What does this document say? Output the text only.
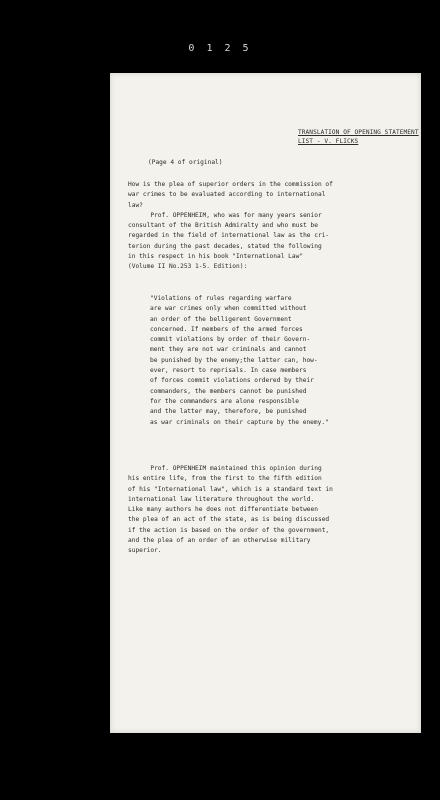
0 1 2 5
TRANSLATION OF OPENING STATEMENT
LIST - V. FLICKS
(Page 4 of original)
How is the plea of superior orders in the commission of
war crimes to be evaluated according to international
law?
Prof. OPPENHEIM, who was for many years senior
consultant of the British Admiralty and who must be
regarded in the field of international law as the cri-
terion during the past decades, stated the following
in this respect in his book "International Law"
(Volume II No.253 1-5. Edition):
"Violations of rules regarding warfare
are war crimes only when committed without
an order of the belligerent Government
concerned. If members of the armed forces
commit violations by order of their Govern-
ment they are not war criminals and cannot
be punished by the enemy;the latter can, how-
ever, resort to reprisals. In case members
of forces commit violations ordered by their
commanders, the members cannot be punished
for the commanders are alone responsible
and the latter may, therefore, be punished
as war criminals on their capture by the enemy."
Prof. OPPENHEIM maintained this opinion during
his entire life, from the first to the fifth edition
of his "International law", which is a standard text in
international law literature throughout the world.
Like many authors he does not differentiate between
the plea of an act of the state, as is being discussed
if the action is based on the order of the government,
and the plea of an order of an otherwise military
superior.
